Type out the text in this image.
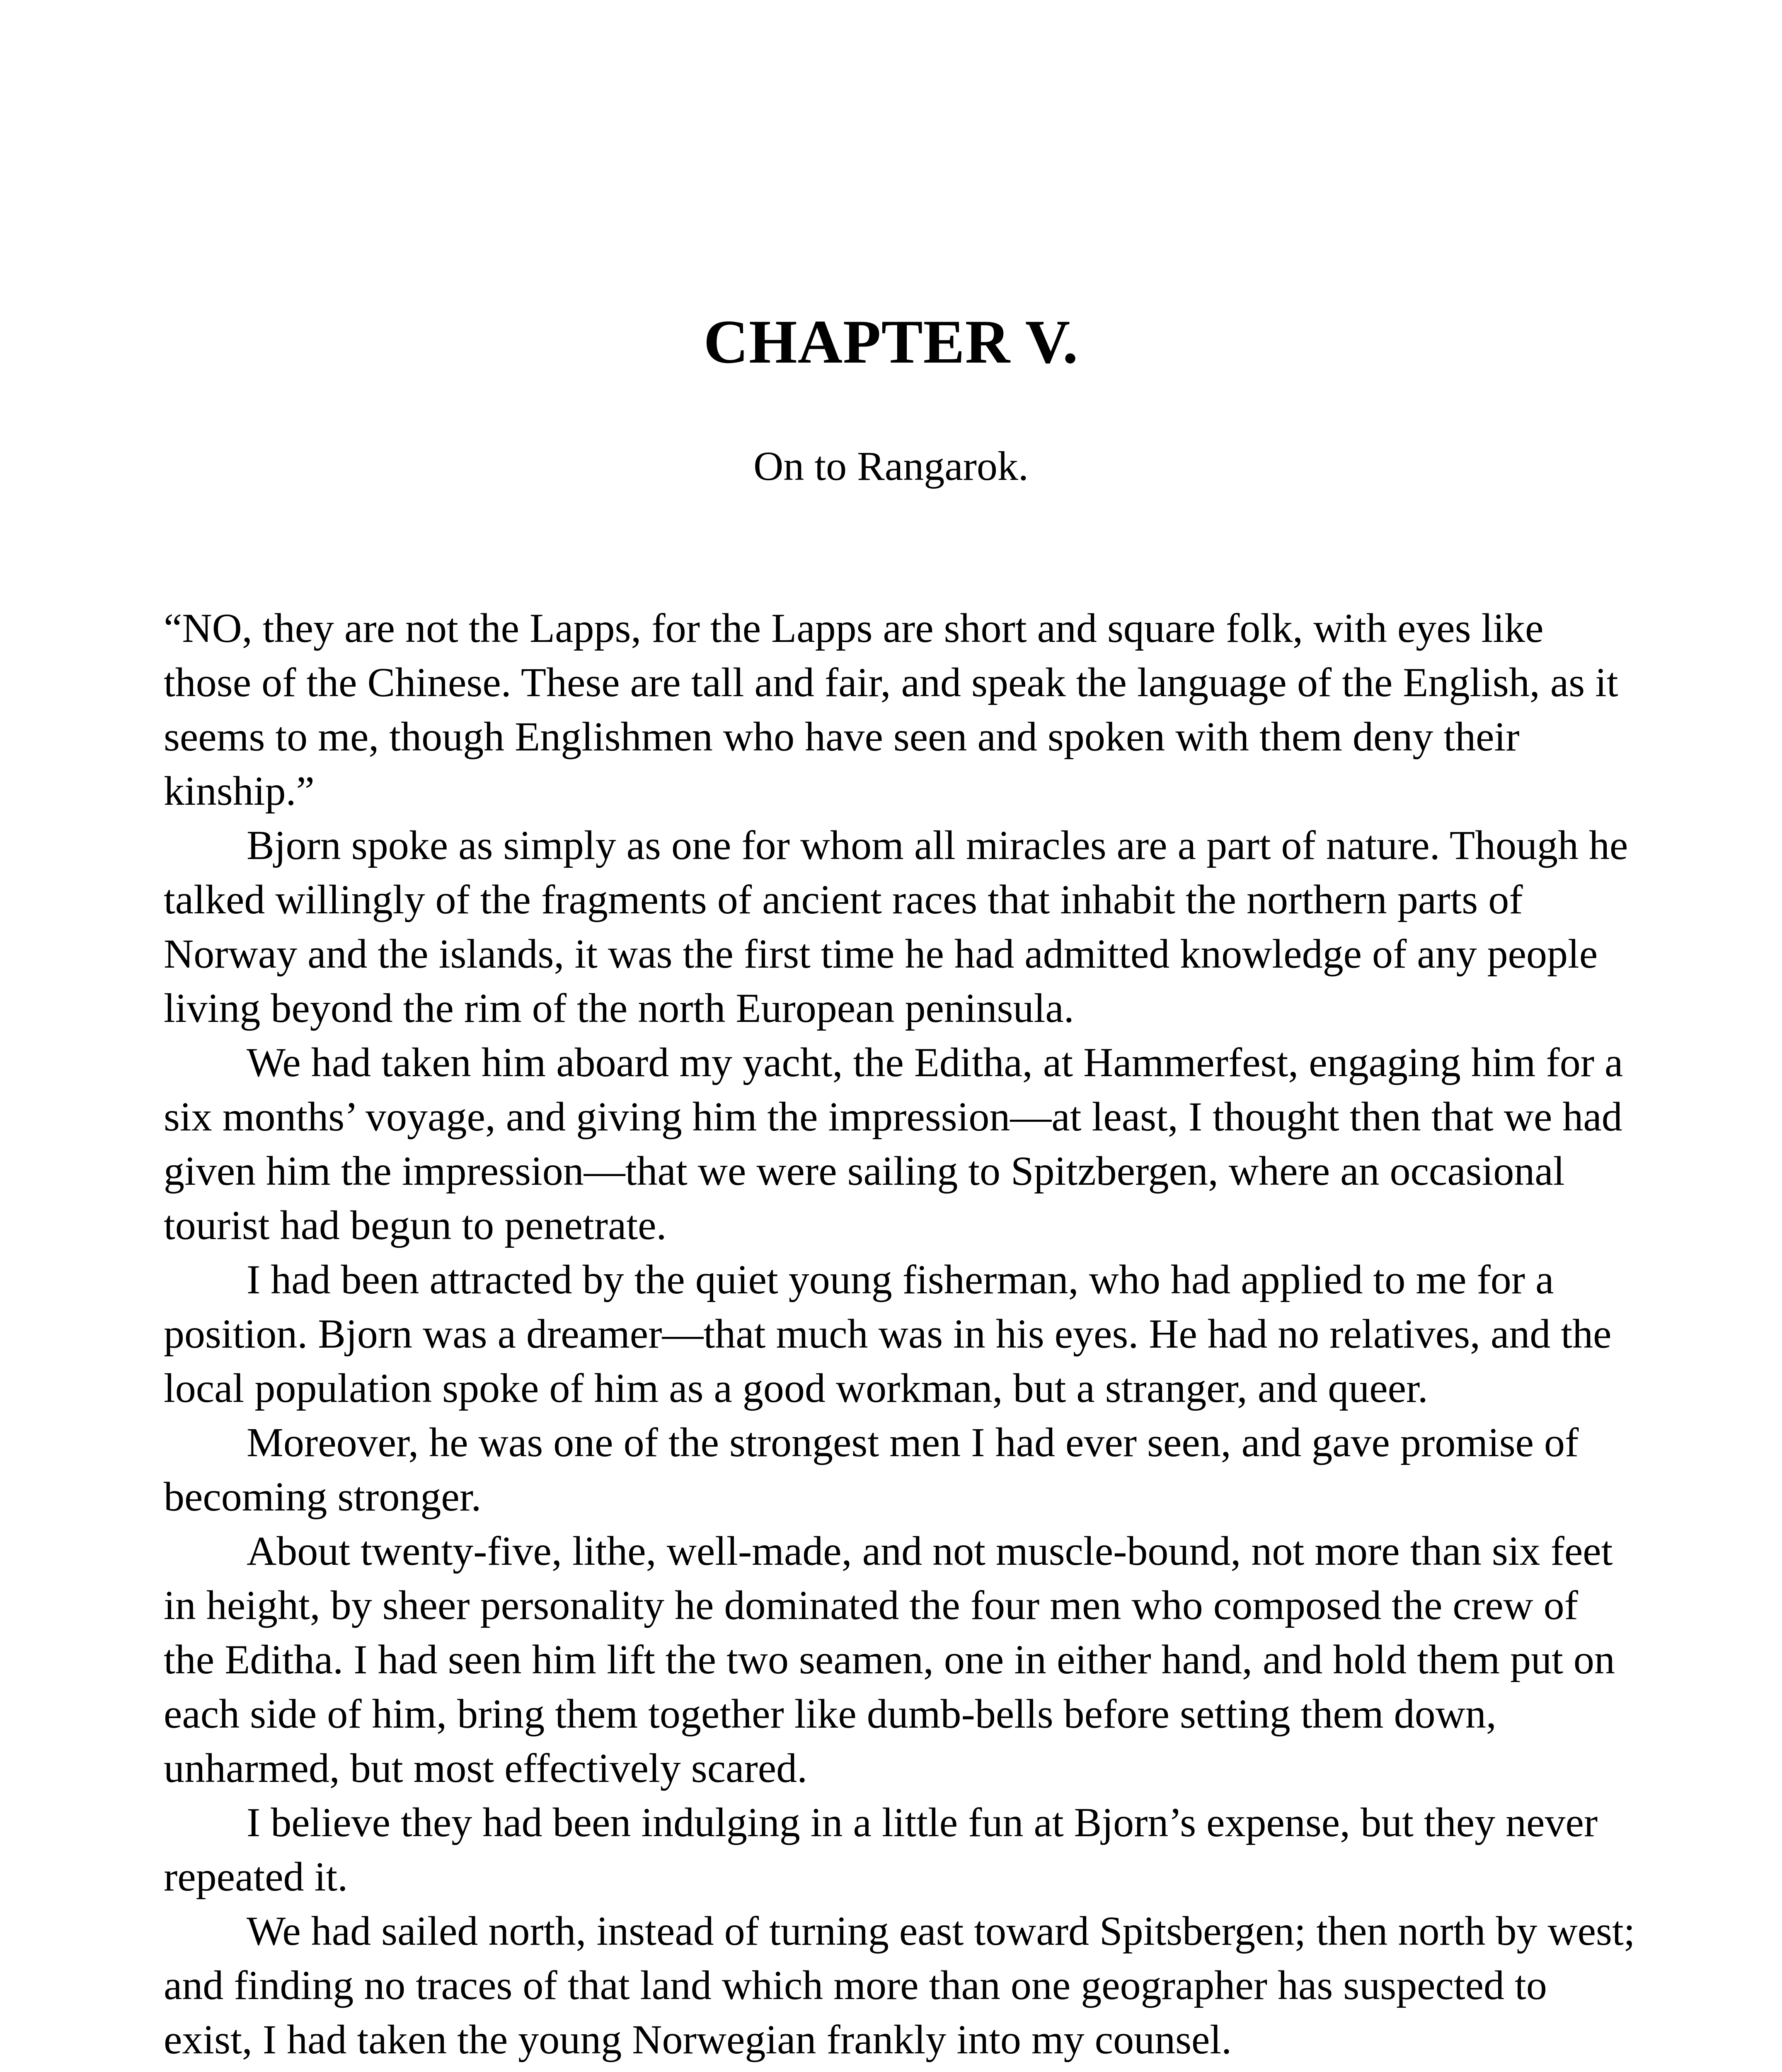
CHAPTER V.

On to Rangarok.

“NO, they are not the Lapps, for the Lapps are short and square folk, with eyes like those of the Chinese. These are tall and fair, and speak the language of the English, as it seems to me, though Englishmen who have seen and spoken with them deny their kinship.”

Bjorn spoke as simply as one for whom all miracles are a part of nature. Though he talked willingly of the fragments of ancient races that inhabit the northern parts of Norway and the islands, it was the first time he had admitted knowledge of any people living beyond the rim of the north European peninsula.

We had taken him aboard my yacht, the Editha, at Hammerfest, engaging him for a six months’ voyage, and giving him the impression—at least, I thought then that we had given him the impression—that we were sailing to Spitzbergen, where an occasional tourist had begun to penetrate.

I had been attracted by the quiet young fisherman, who had applied to me for a position. Bjorn was a dreamer—that much was in his eyes. He had no relatives, and the local population spoke of him as a good workman, but a stranger, and queer.

Moreover, he was one of the strongest men I had ever seen, and gave promise of becoming stronger.

About twenty-five, lithe, well-made, and not muscle-bound, not more than six feet in height, by sheer personality he dominated the four men who composed the crew of the Editha. I had seen him lift the two seamen, one in either hand, and hold them put on each side of him, bring them together like dumb-bells before setting them down, unharmed, but most effectively scared.

I believe they had been indulging in a little fun at Bjorn’s expense, but they never repeated it.

We had sailed north, instead of turning east toward Spitsbergen; then north by west; and finding no traces of that land which more than one geographer has suspected to exist, I had taken the young Norwegian frankly into my counsel.
